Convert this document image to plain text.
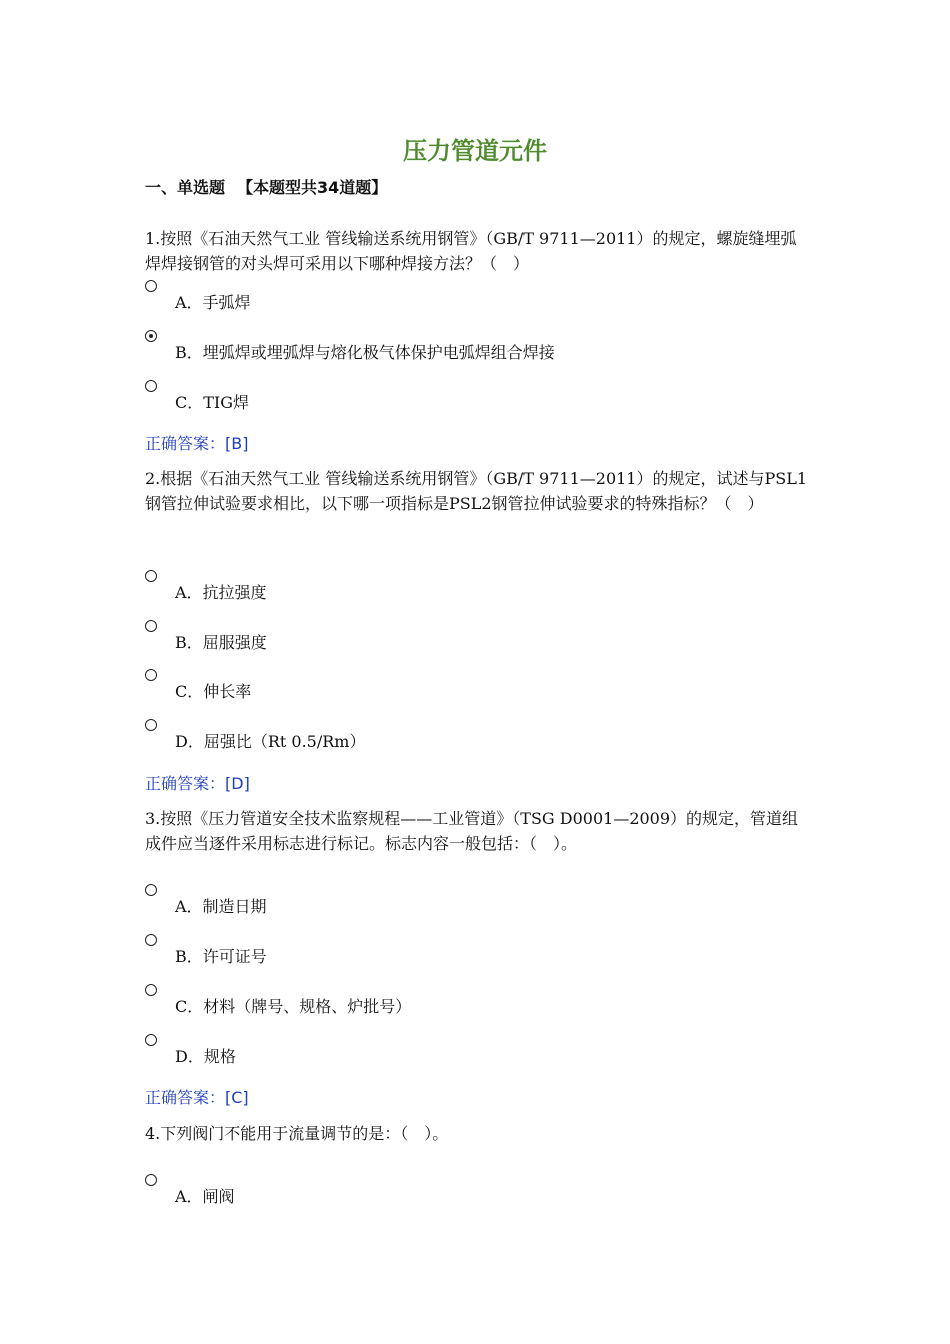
压力管道元件
一、单选题 【本题型共34道题】
1.按照《石油天然气工业 管线输送系统用钢管》（GB/T 9711—2011）的规定，螺旋缝埋弧焊焊接钢管的对头焊可采用以下哪种焊接方法？（　）
A．手弧焊
B．埋弧焊或埋弧焊与熔化极气体保护电弧焊组合焊接
C．TIG焊
正确答案：[B]
2.根据《石油天然气工业 管线输送系统用钢管》（GB/T 9711—2011）的规定，试述与PSL1钢管拉伸试验要求相比，以下哪一项指标是PSL2钢管拉伸试验要求的特殊指标？（　）
A．抗拉强度
B．屈服强度
C．伸长率
D．屈强比（Rt 0.5/Rm）
正确答案：[D]
3.按照《压力管道安全技术监察规程——工业管道》（TSG D0001—2009）的规定，管道组成件应当逐件采用标志进行标记。标志内容一般包括：（　）。
A．制造日期
B．许可证号
C．材料（牌号、规格、炉批号）
D．规格
正确答案：[C]
4.下列阀门不能用于流量调节的是：（　）。
A．闸阀
